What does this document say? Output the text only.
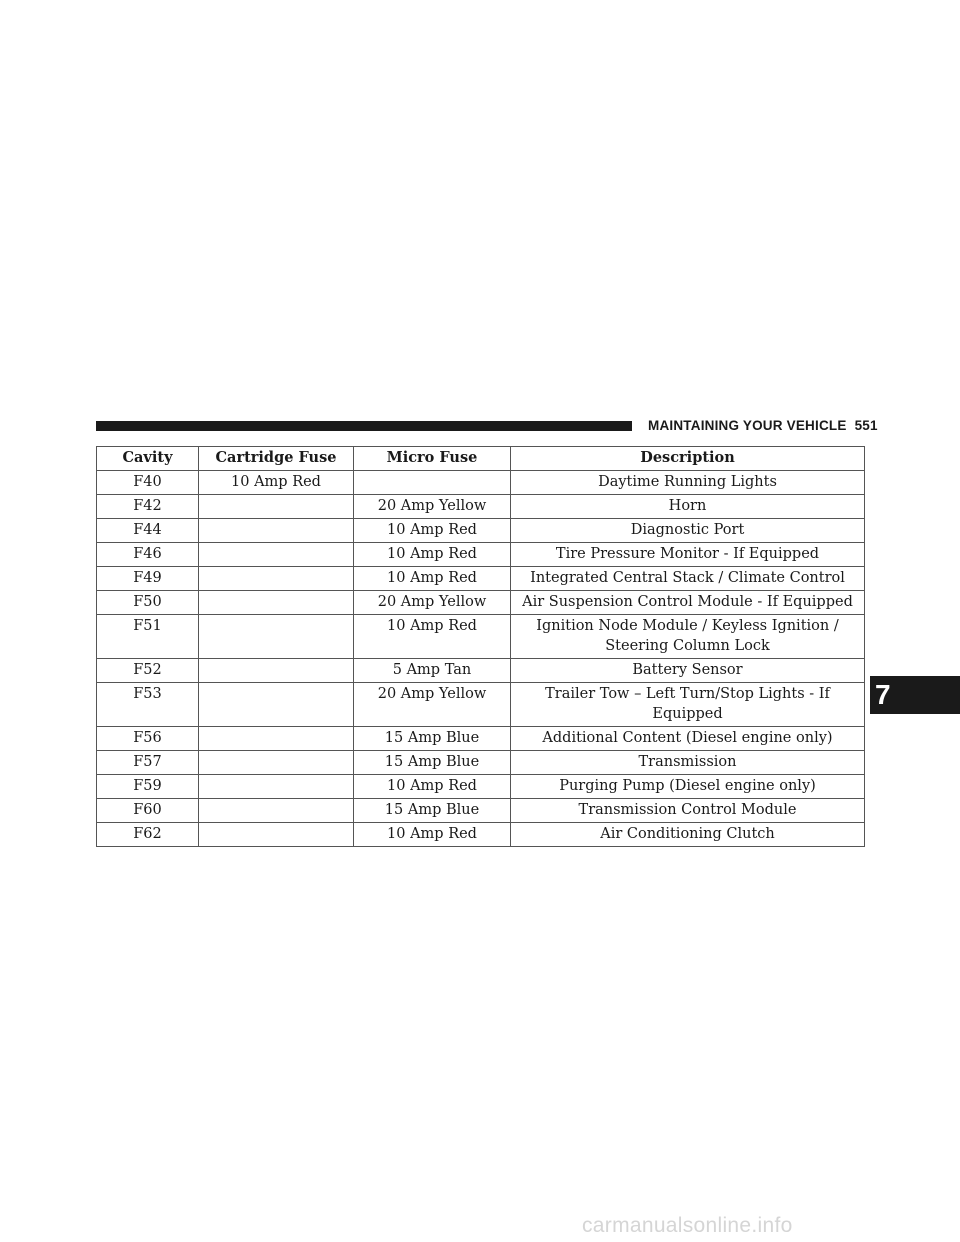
MAINTAINING YOUR VEHICLE 551
Cavity	Cartridge Fuse	Micro Fuse	Description
F40	10 Amp Red		Daytime Running Lights
F42		20 Amp Yellow	Horn
F44		10 Amp Red	Diagnostic Port
F46		10 Amp Red	Tire Pressure Monitor - If Equipped
F49		10 Amp Red	Integrated Central Stack / Climate Control
F50		20 Amp Yellow	Air Suspension Control Module - If Equipped
F51		10 Amp Red	Ignition Node Module / Keyless Ignition / Steering Column Lock
F52		5 Amp Tan	Battery Sensor
F53		20 Amp Yellow	Trailer Tow – Left Turn/Stop Lights - If Equipped
F56		15 Amp Blue	Additional Content (Diesel engine only)
F57		15 Amp Blue	Transmission
F59		10 Amp Red	Purging Pump (Diesel engine only)
F60		15 Amp Blue	Transmission Control Module
F62		10 Amp Red	Air Conditioning Clutch
7
carmanualsonline.info
